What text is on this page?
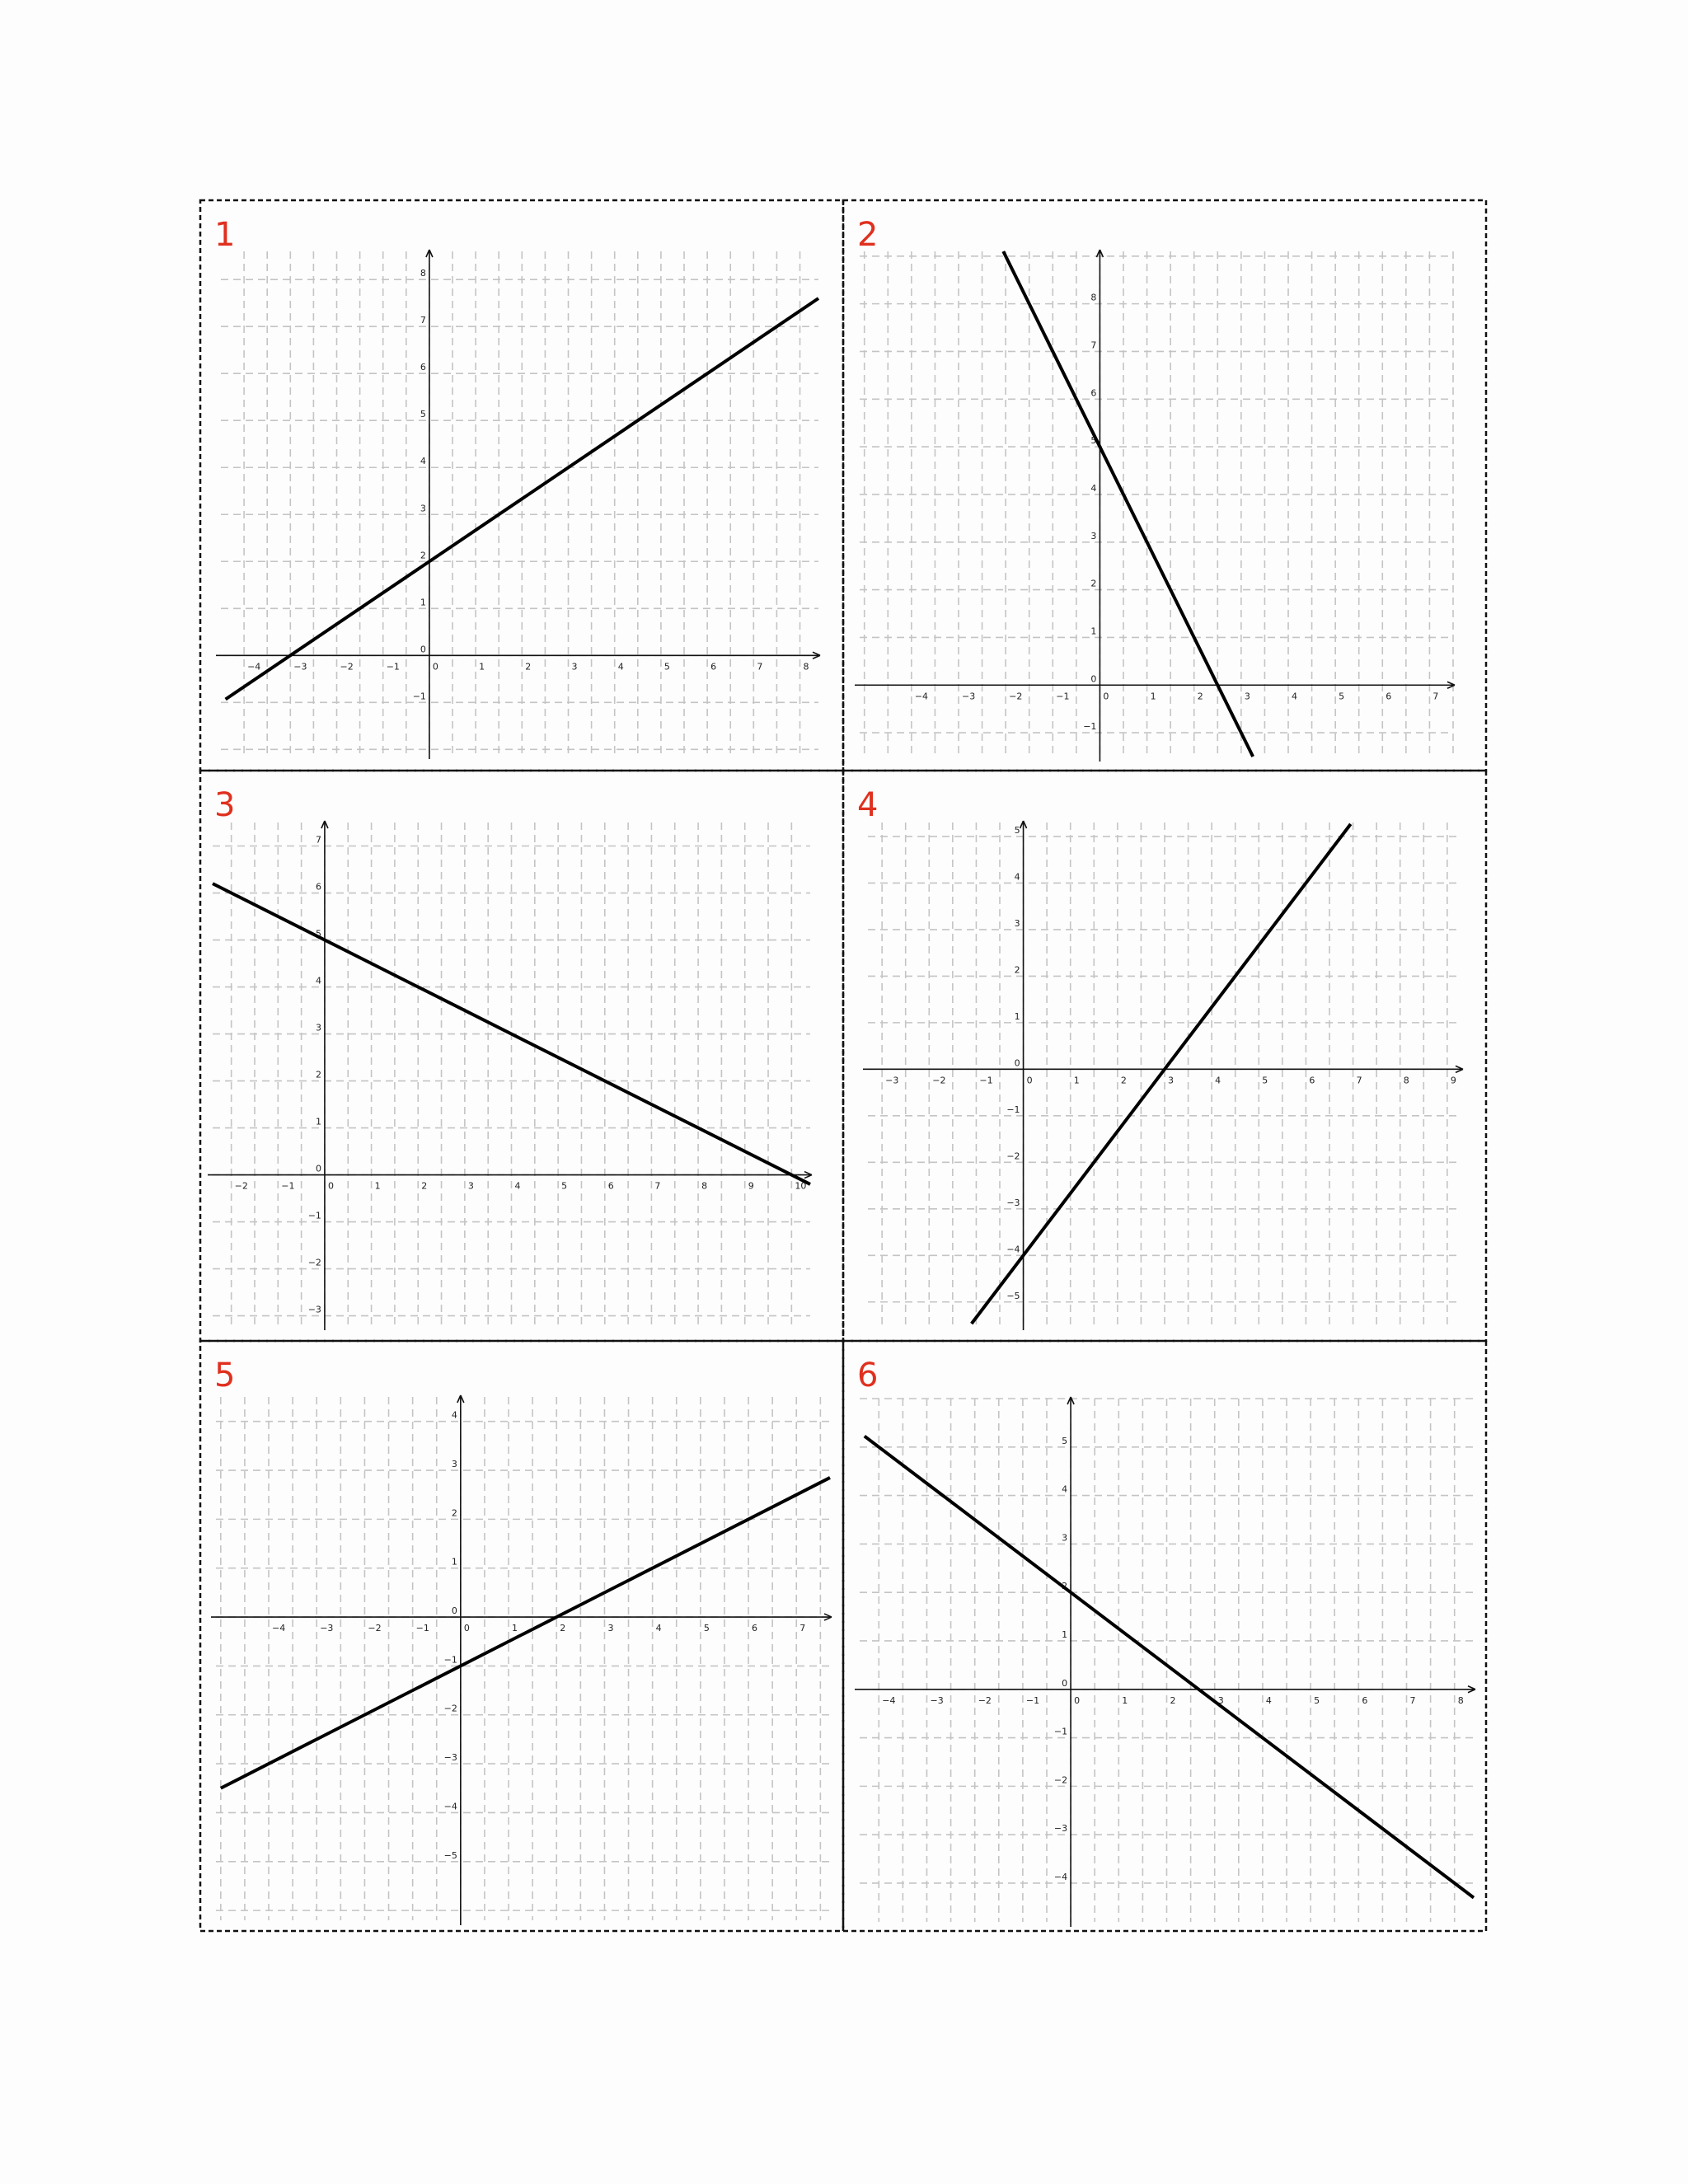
−4	−3	−2	−1	0	1	2	3	4	5	6	7	8
−1
1
2
3
4
5
6
7
8
0
1
−4	−3	−2	−1	0	1	2	3	4	5	6	7
−1
1
2
3
4
5
6
7
8
0
2
−2	−1	0	1	2	3	4	5	6	7	8	9	10
−3
−2
−1
1
2
3
4
5
6
7
0
3
−3	−2	−1	0	1	2	3	4	5	6	7	8	9
−5
−4
−3
−2
−1
1
2
3
4
5
0
4
−4	−3	−2	−1	0	1	2	3	4	5	6	7
−5
−4
−3
−2
−1
1
2
3
4
0
5
−4	−3	−2	−1	0	1	2	3	4	5	6	7	8
−4
−3
−2
−1
1
2
3
4
5
0
6
